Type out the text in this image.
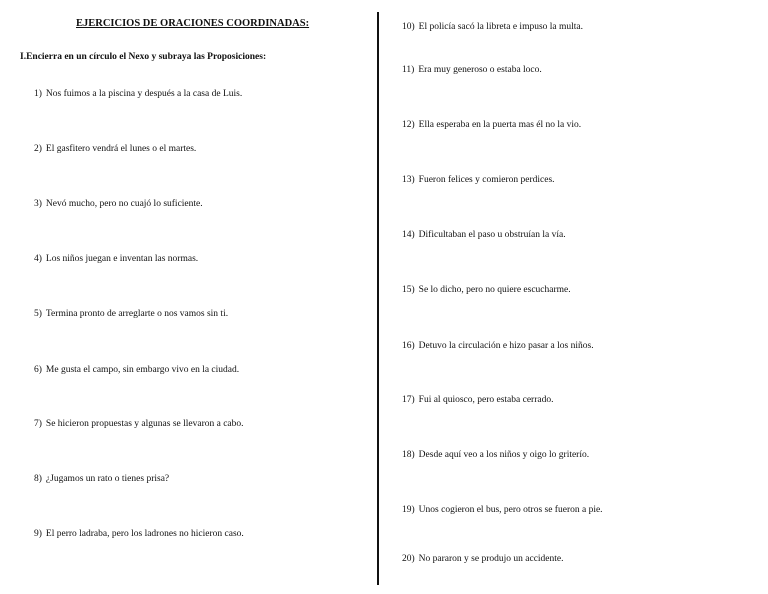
EJERCICIOS DE ORACIONES COORDINADAS:
I.Encierra en un círculo el Nexo y subraya las Proposiciones:
1) Nos fuimos a la piscina y después a la casa de Luis.
2) El gasfitero vendrá el lunes o el martes.
3) Nevó mucho, pero no cuajó lo suficiente.
4) Los niños juegan e inventan las normas.
5) Termina pronto de arreglarte o nos vamos sin ti.
6) Me gusta el campo, sin embargo vivo en la ciudad.
7) Se hicieron propuestas y algunas se llevaron a cabo.
8) ¿Jugamos un rato o tienes prisa?
9) El perro ladraba, pero los ladrones no hicieron caso.
10) El policía sacó la libreta e impuso la multa.
11) Era muy generoso o estaba loco.
12) Ella esperaba en la puerta mas él no la vio.
13) Fueron felices y comieron perdices.
14) Dificultaban el paso u obstruían la vía.
15) Se lo dicho, pero no quiere escucharme.
16) Detuvo la circulación e hizo pasar a los niños.
17) Fui al quiosco, pero estaba cerrado.
18) Desde aquí veo a los niños y oigo lo griterío.
19) Unos cogieron el bus, pero otros se fueron a pie.
20) No pararon y se produjo un accidente.
